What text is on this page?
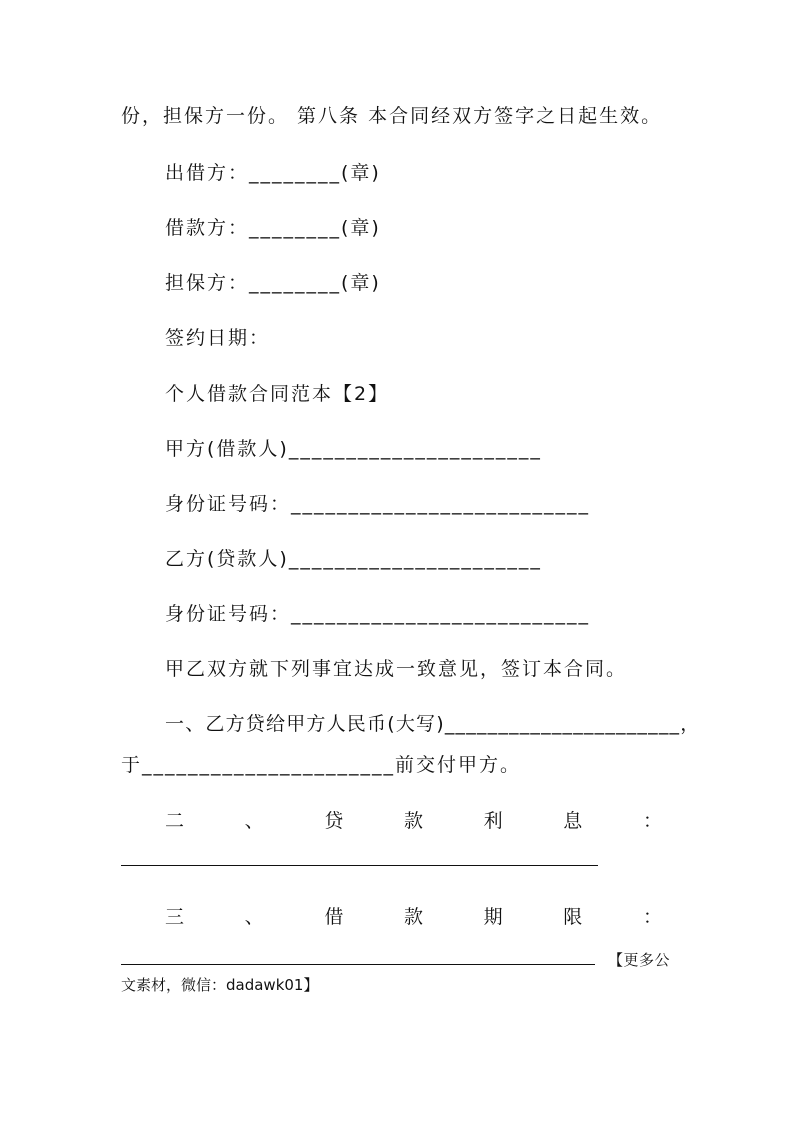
份，担保方一份。 第八条 本合同经双方签字之日起生效。
出借方：________(章)
借款方：________(章)
担保方：________(章)
签约日期：
个人借款合同范本【2】
甲方(借款人)______________________
身份证号码：__________________________
乙方(贷款人)______________________
身份证号码：__________________________
甲乙双方就下列事宜达成一致意见，签订本合同。
一、乙方贷给甲方人民币(大写)______________________，
于______________________前交付甲方。
二	、	贷	款	利	息	：
三	、	借	款	期	限	：
【更多公
文素材，微信：dadawk01】
